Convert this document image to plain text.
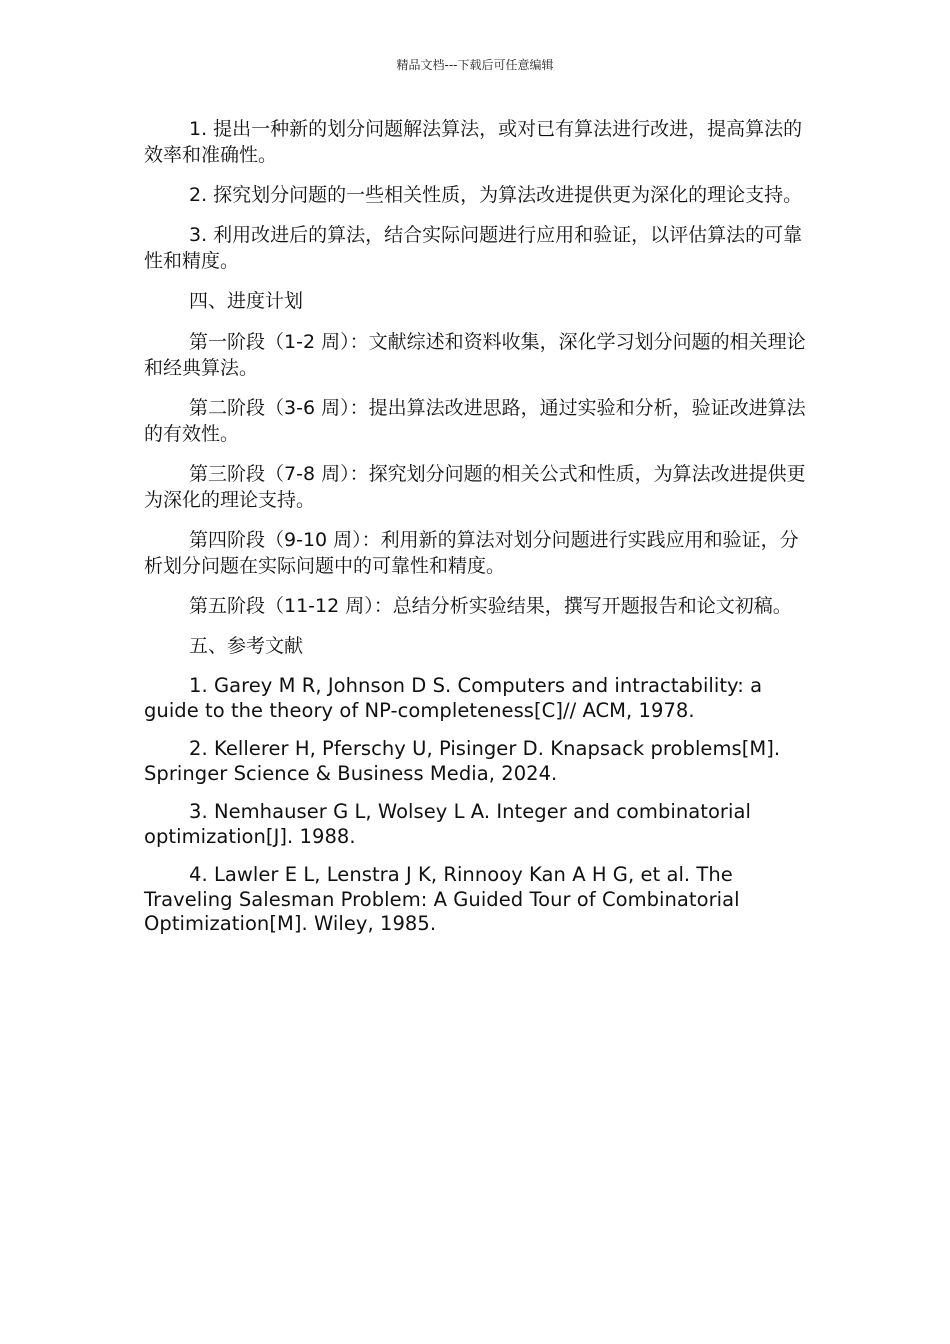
精品文档---下载后可任意编辑

1. 提出一种新的划分问题解法算法，或对已有算法进行改进，提高算法的效率和准确性。

2. 探究划分问题的一些相关性质，为算法改进提供更为深化的理论支持。

3. 利用改进后的算法，结合实际问题进行应用和验证，以评估算法的可靠性和精度。

四、进度计划

第一阶段（1-2 周）：文献综述和资料收集，深化学习划分问题的相关理论和经典算法。

第二阶段（3-6 周）：提出算法改进思路，通过实验和分析，验证改进算法的有效性。

第三阶段（7-8 周）：探究划分问题的相关公式和性质，为算法改进提供更为深化的理论支持。

第四阶段（9-10 周）：利用新的算法对划分问题进行实践应用和验证，分析划分问题在实际问题中的可靠性和精度。

第五阶段（11-12 周）：总结分析实验结果，撰写开题报告和论文初稿。

五、参考文献

1. Garey M R, Johnson D S. Computers and intractability: a guide to the theory of NP-completeness[C]// ACM, 1978.

2. Kellerer H, Pferschy U, Pisinger D. Knapsack problems[M]. Springer Science & Business Media, 2024.

3. Nemhauser G L, Wolsey L A. Integer and combinatorial optimization[J]. 1988.

4. Lawler E L, Lenstra J K, Rinnooy Kan A H G, et al. The Traveling Salesman Problem: A Guided Tour of Combinatorial Optimization[M]. Wiley, 1985.
